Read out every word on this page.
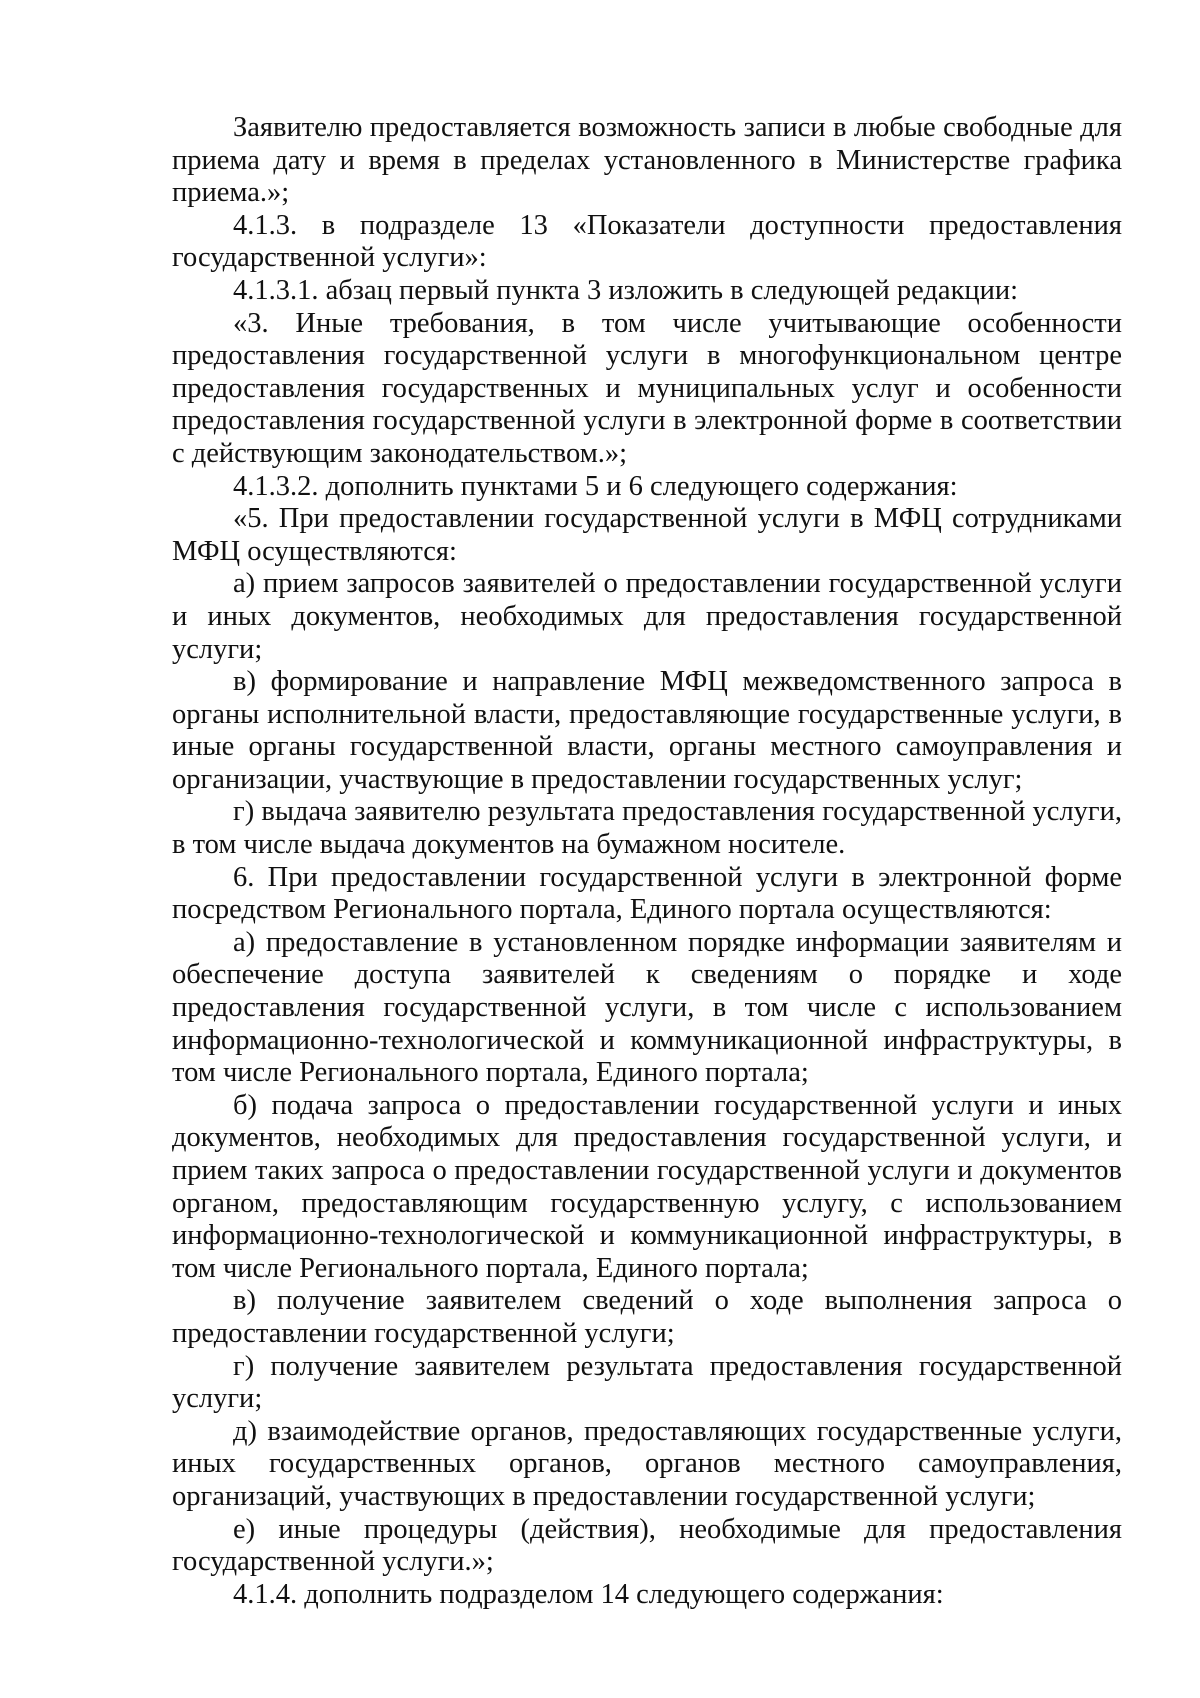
Заявителю предоставляется возможность записи в любые свободные для приема дату и время в пределах установленного в Министерстве графика приема.»;

4.1.3. в подразделе 13 «Показатели доступности предоставления государственной услуги»:

4.1.3.1. абзац первый пункта 3 изложить в следующей редакции:

«3. Иные требования, в том числе учитывающие особенности предоставления государственной услуги в многофункциональном центре предоставления государственных и муниципальных услуг и особенности предоставления государственной услуги в электронной форме в соответствии с действующим законодательством.»;

4.1.3.2. дополнить пунктами 5 и 6 следующего содержания:

«5. При предоставлении государственной услуги в МФЦ сотрудниками МФЦ осуществляются:

а) прием запросов заявителей о предоставлении государственной услуги и иных документов, необходимых для предоставления государственной услуги;

в) формирование и направление МФЦ межведомственного запроса в органы исполнительной власти, предоставляющие государственные услуги, в иные органы государственной власти, органы местного самоуправления и организации, участвующие в предоставлении государственных услуг;

г) выдача заявителю результата предоставления государственной услуги, в том числе выдача документов на бумажном носителе.

6. При предоставлении государственной услуги в электронной форме посредством Регионального портала, Единого портала осуществляются:

а) предоставление в установленном порядке информации заявителям и обеспечение доступа заявителей к сведениям о порядке и ходе предоставления государственной услуги, в том числе с использованием информационно-технологической и коммуникационной инфраструктуры, в том числе Регионального портала, Единого портала;

б) подача запроса о предоставлении государственной услуги и иных документов, необходимых для предоставления государственной услуги, и прием таких запроса о предоставлении государственной услуги и документов органом, предоставляющим государственную услугу, с использованием информационно-технологической и коммуникационной инфраструктуры, в том числе Регионального портала, Единого портала;

в) получение заявителем сведений о ходе выполнения запроса о предоставлении государственной услуги;

г) получение заявителем результата предоставления государственной услуги;

д) взаимодействие органов, предоставляющих государственные услуги, иных государственных органов, органов местного самоуправления, организаций, участвующих в предоставлении государственной услуги;

е) иные процедуры (действия), необходимые для предоставления государственной услуги.»;

4.1.4. дополнить подразделом 14 следующего содержания:
